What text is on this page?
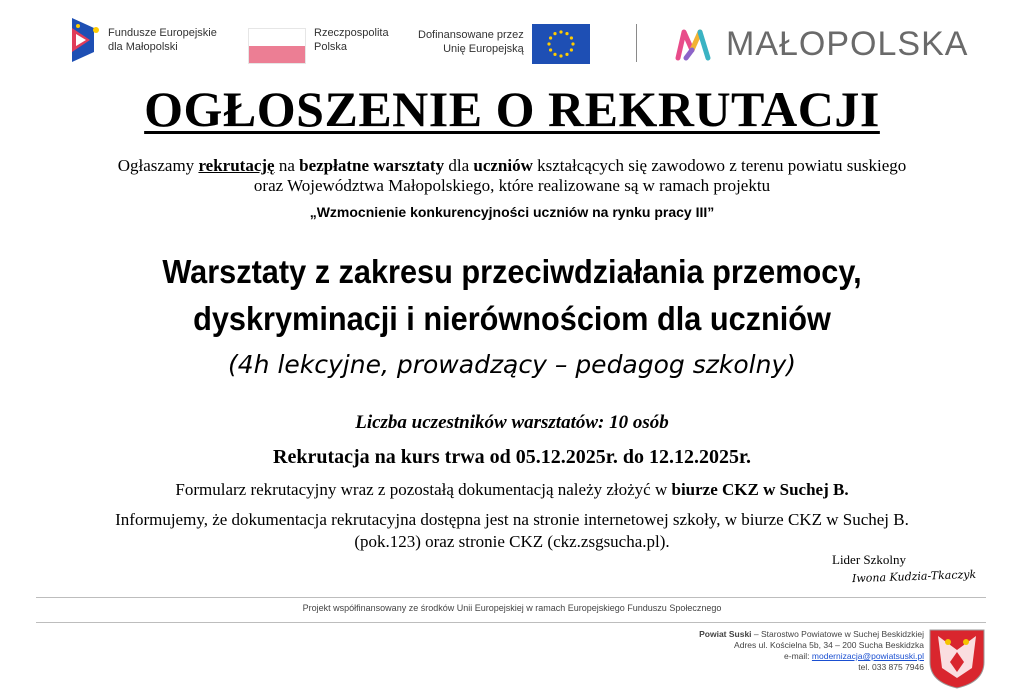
Fundusze Europejskie
dla Małopolski
Rzeczpospolita
Polska
Dofinansowane przez
Unię Europejską	MAŁOPOLSKA
OGŁOSZENIE O REKRUTACJI
Ogłaszamy rekrutację na bezpłatne warsztaty dla uczniów kształcących się zawodowo z terenu powiatu suskiego
oraz Województwa Małopolskiego, które realizowane są w ramach projektu
„Wzmocnienie konkurencyjności uczniów na rynku pracy III”
Warsztaty z zakresu przeciwdziałania przemocy,
dyskryminacji i nierównościom dla uczniów
(4h lekcyjne, prowadzący – pedagog szkolny)
Liczba uczestników warsztatów: 10 osób
Rekrutacja na kurs trwa od 05.12.2025r. do 12.12.2025r.
Formularz rekrutacyjny wraz z pozostałą dokumentacją należy złożyć w biurze CKZ w Suchej B.
Informujemy, że dokumentacja rekrutacyjna dostępna jest na stronie internetowej szkoły, w biurze CKZ w Suchej B.
(pok.123) oraz stronie CKZ (ckz.zsgsucha.pl).
Lider Szkolny
Iwona Kudzia-Tkaczyk
Projekt współfinansowany ze środków Unii Europejskiej w ramach Europejskiego Funduszu Społecznego
Powiat Suski – Starostwo Powiatowe w Suchej Beskidzkiej
Adres ul. Kościelna 5b, 34 – 200 Sucha Beskidzka
e-mail: modernizacja@powiatsuski.pl
tel. 033 875 7946
